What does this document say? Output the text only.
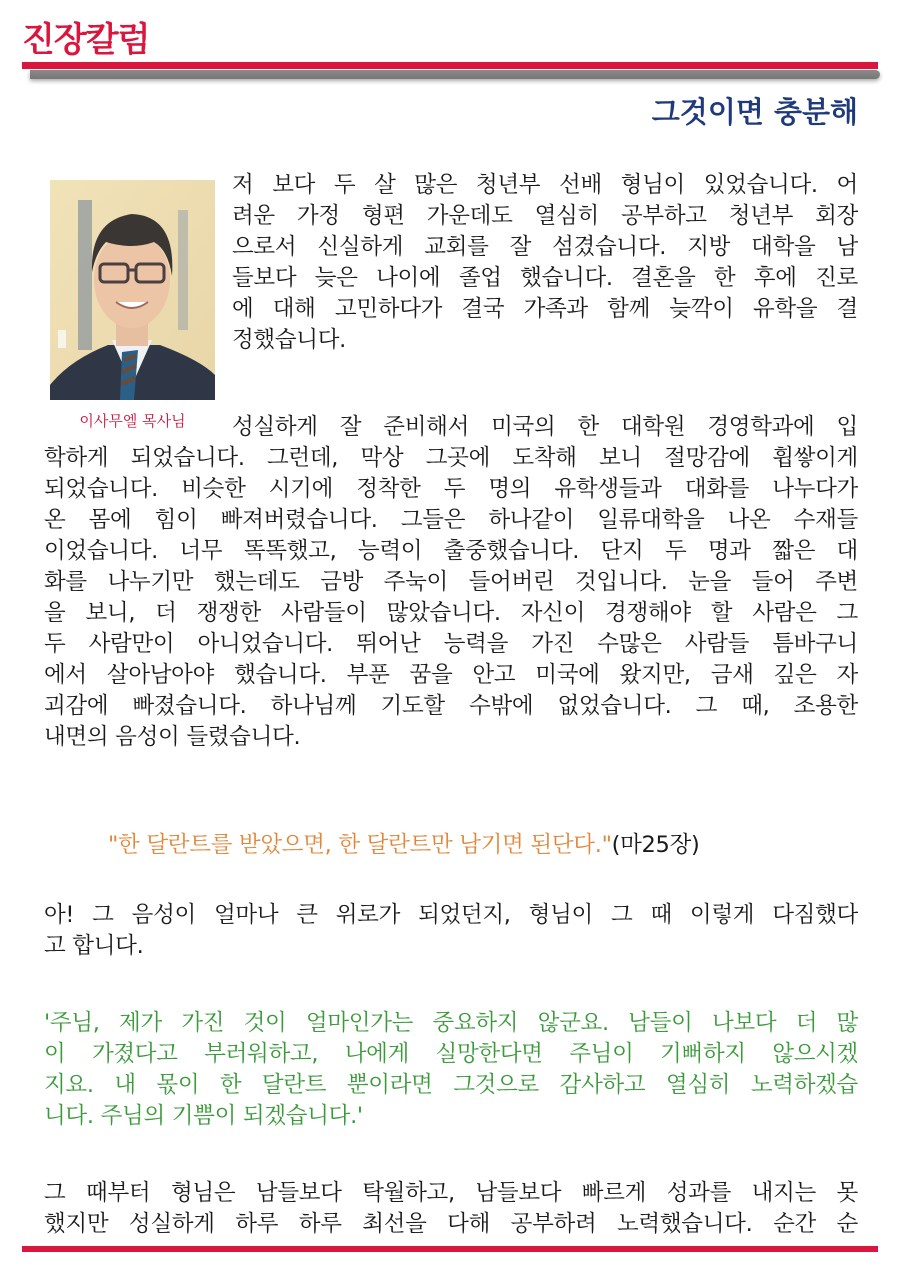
진장칼럼
그것이면 충분해
이사무엘 목사님

저 보다 두 살 많은 청년부 선배 형님이 있었습니다. 어
려운 가정 형편 가운데도 열심히 공부하고 청년부 회장
으로서 신실하게 교회를 잘 섬겼습니다. 지방 대학을 남
들보다 늦은 나이에 졸업 했습니다. 결혼을 한 후에 진로
에 대해 고민하다가 결국 가족과 함께 늦깍이 유학을 결
정했습니다.

성실하게 잘 준비해서 미국의 한 대학원 경영학과에 입
학하게 되었습니다. 그런데, 막상 그곳에 도착해 보니 절망감에 휩쌓이게
되었습니다. 비슷한 시기에 정착한 두 명의 유학생들과 대화를 나누다가
온 몸에 힘이 빠져버렸습니다. 그들은 하나같이 일류대학을 나온 수재들
이었습니다. 너무 똑똑했고, 능력이 출중했습니다. 단지 두 명과 짧은 대
화를 나누기만 했는데도 금방 주눅이 들어버린 것입니다. 눈을 들어 주변
을 보니, 더 쟁쟁한 사람들이 많았습니다. 자신이 경쟁해야 할 사람은 그
두 사람만이 아니었습니다. 뛰어난 능력을 가진 수많은 사람들 틈바구니
에서 살아남아야 했습니다. 부푼 꿈을 안고 미국에 왔지만, 금새 깊은 자
괴감에 빠졌습니다. 하나님께 기도할 수밖에 없었습니다. 그 때, 조용한
내면의 음성이 들렸습니다.

"한 달란트를 받았으면, 한 달란트만 남기면 된단다."(마25장)

아! 그 음성이 얼마나 큰 위로가 되었던지, 형님이 그 때 이렇게 다짐했다
고 합니다.

'주님, 제가 가진 것이 얼마인가는 중요하지 않군요. 남들이 나보다 더 많
이 가졌다고 부러워하고, 나에게 실망한다면 주님이 기뻐하지 않으시겠
지요. 내 몫이 한 달란트 뿐이라면 그것으로 감사하고 열심히 노력하겠습
니다. 주님의 기쁨이 되겠습니다.'

그 때부터 형님은 남들보다 탁월하고, 남들보다 빠르게 성과를 내지는 못
했지만 성실하게 하루 하루 최선을 다해 공부하려 노력했습니다. 순간 순
